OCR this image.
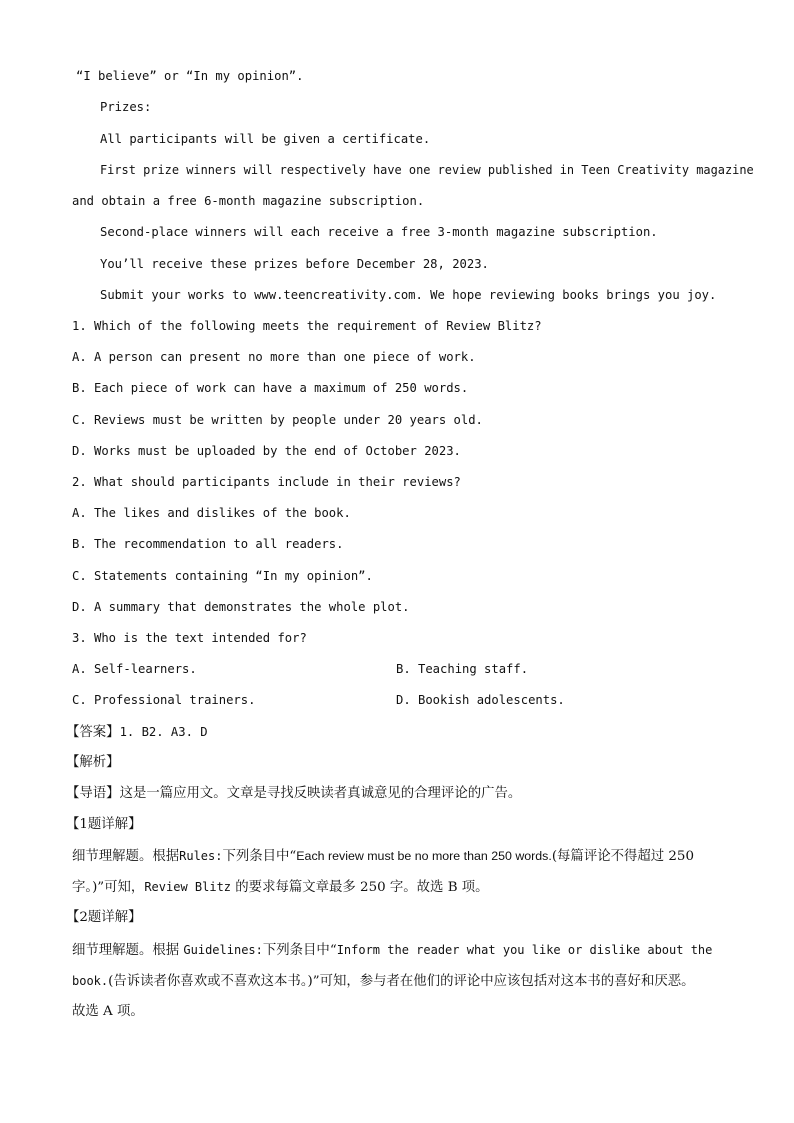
“I believe” or “In my opinion”.
Prizes:
All participants will be given a certificate.
First prize winners will respectively have one review published in Teen Creativity magazine
and obtain a free 6-month magazine subscription.
Second-place winners will each receive a free 3-month magazine subscription.
You’ll receive these prizes before December 28, 2023.
Submit your works to www.teencreativity.com. We hope reviewing books brings you joy.
1. Which of the following meets the requirement of Review Blitz?
A. A person can present no more than one piece of work.
B. Each piece of work can have a maximum of 250 words.
C. Reviews must be written by people under 20 years old.
D. Works must be uploaded by the end of October 2023.
2. What should participants include in their reviews?
A. The likes and dislikes of the book.
B. The recommendation to all readers.
C. Statements containing “In my opinion”.
D. A summary that demonstrates the whole plot.
3. Who is the text intended for?
A. Self-learners.	B. Teaching staff.
C. Professional trainers.	D. Bookish adolescents.
【答案】1. B2. A3. D
【解析】
【导语】这是一篇应用文。文章是寻找反映读者真诚意见的合理评论的广告。
【1题详解】
细节理解题。根据Rules:下列条目中“Each review must be no more than 250 words.(每篇评论不得超过 250
字。)”可知，Review Blitz 的要求每篇文章最多 250 字。故选 B 项。
【2题详解】
细节理解题。根据 Guidelines:下列条目中“Inform the reader what you like or dislike about the
book.(告诉读者你喜欢或不喜欢这本书。)”可知，参与者在他们的评论中应该包括对这本书的喜好和厌恶。
故选 A 项。
